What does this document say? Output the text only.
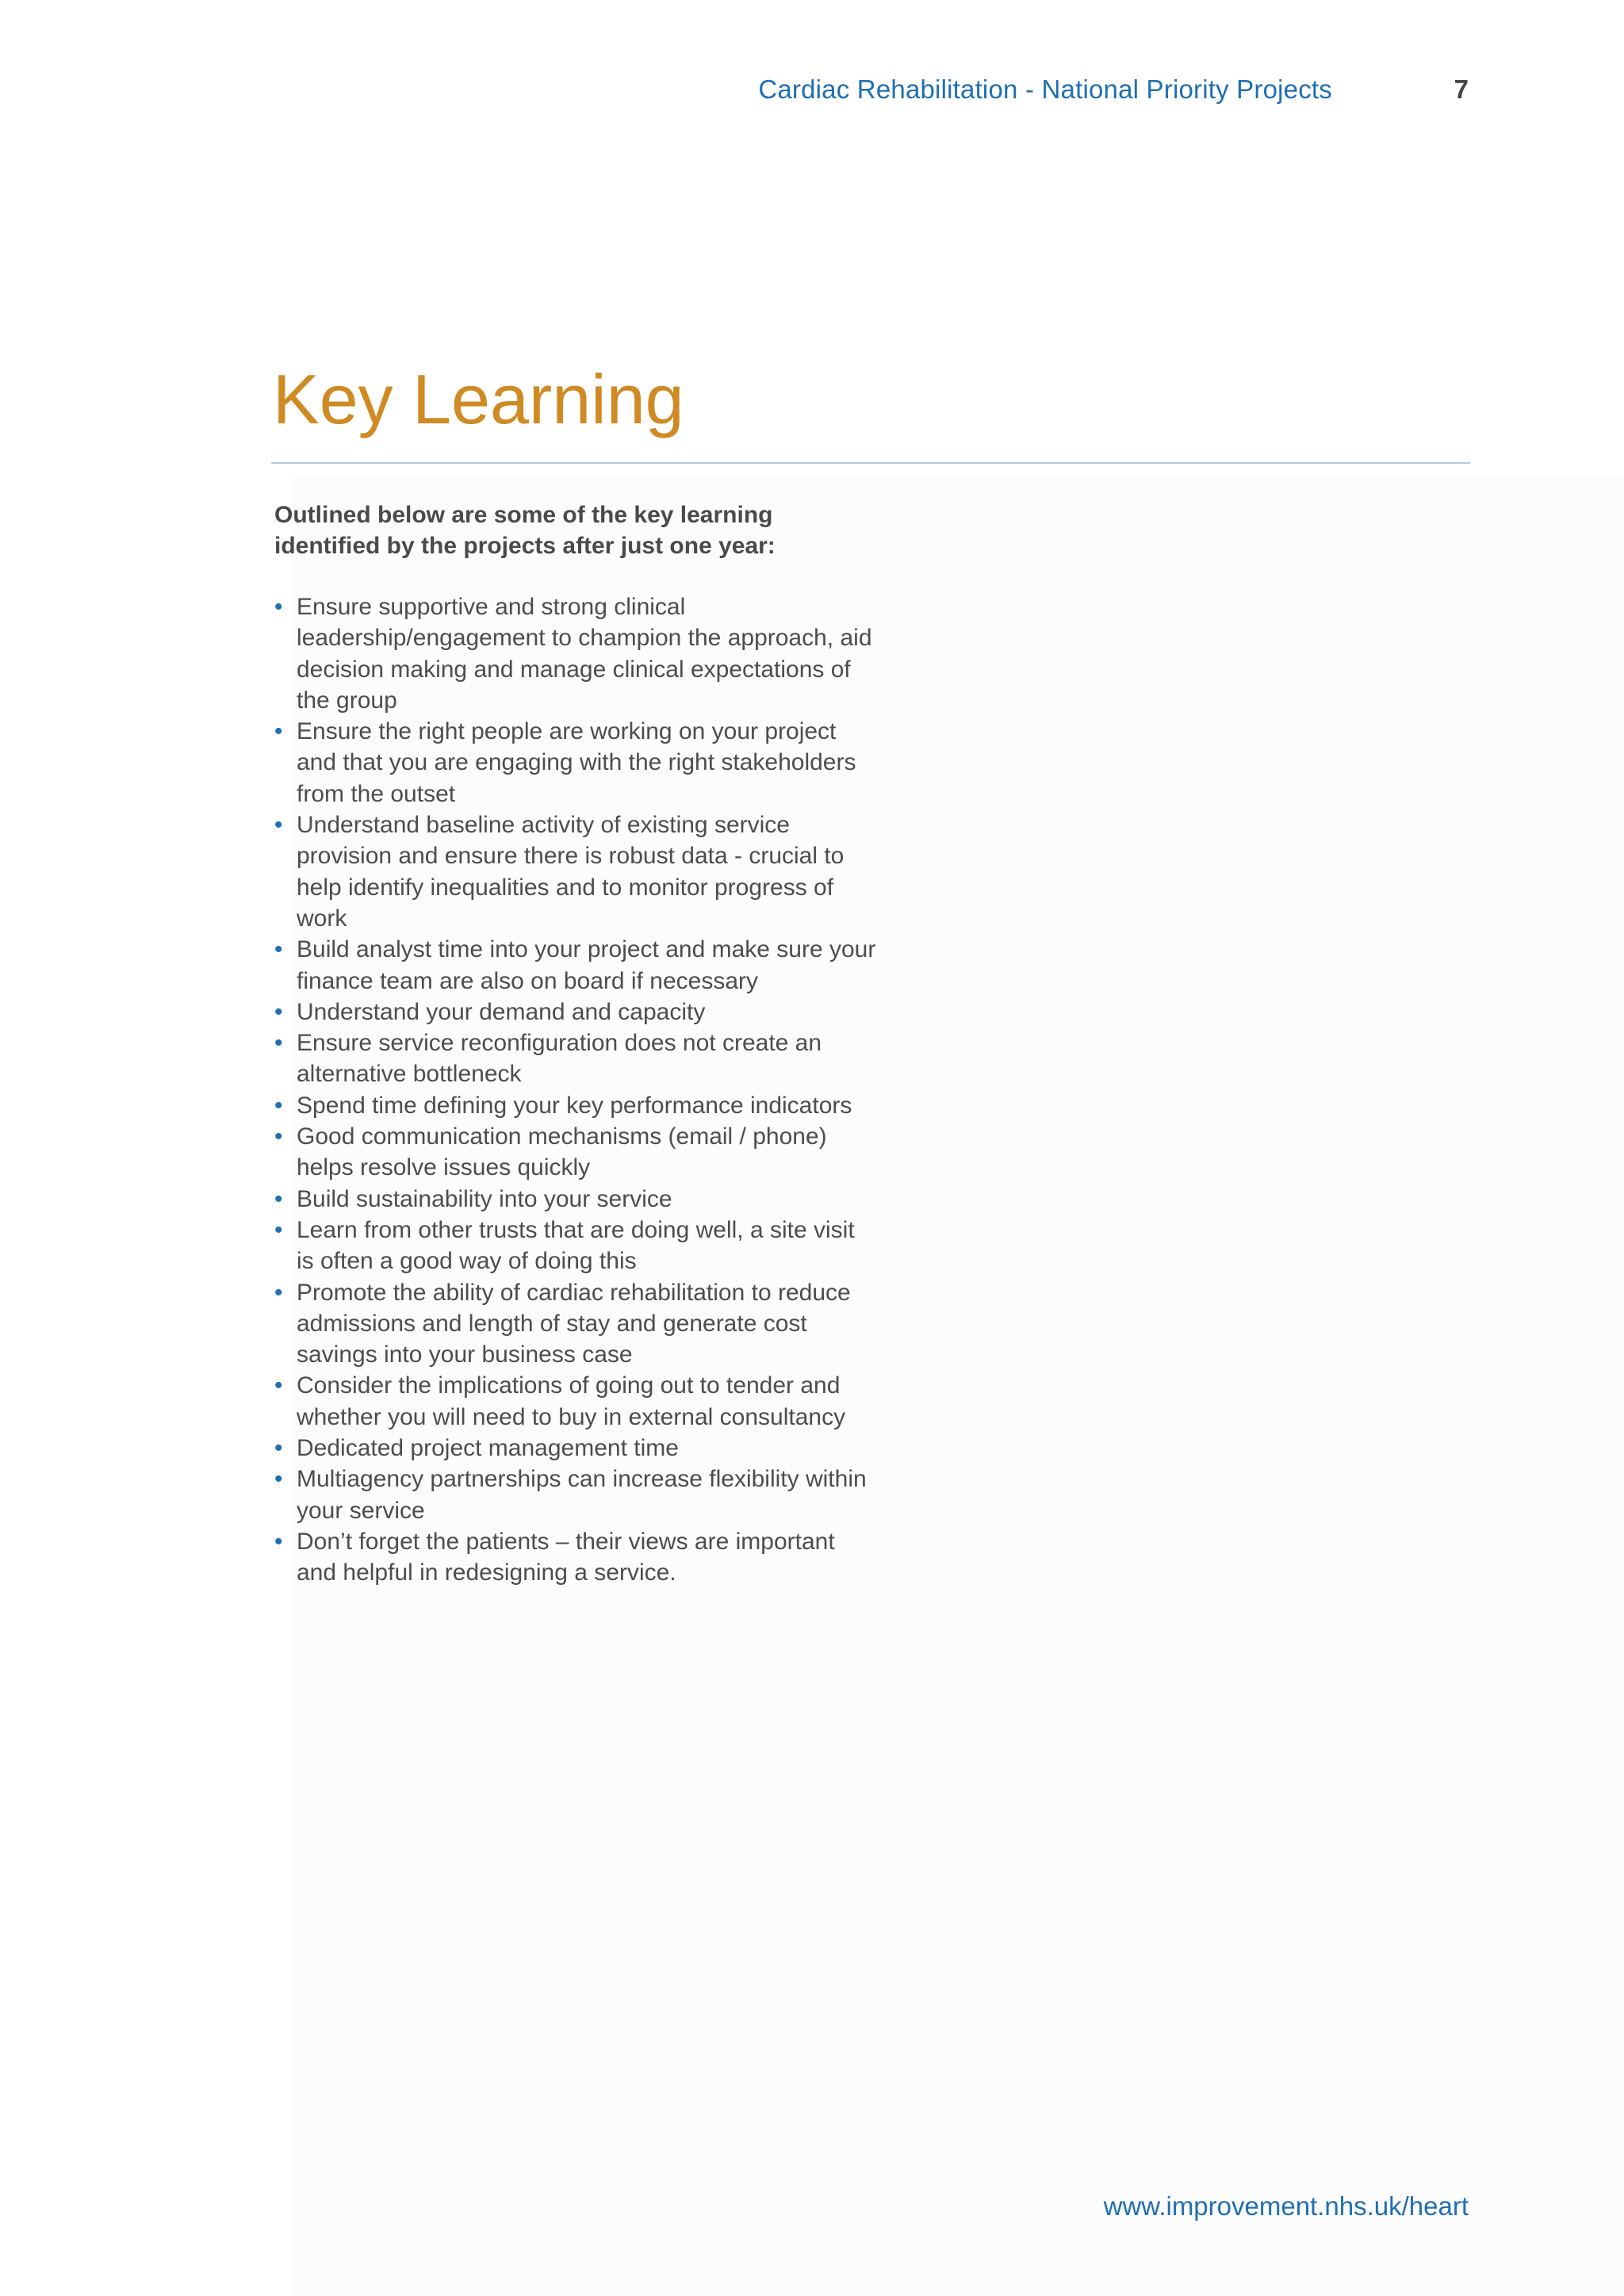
Cardiac Rehabilitation - National Priority Projects	7
Key Learning

Outlined below are some of the key learning identified by the projects after just one year:

• Ensure supportive and strong clinical leadership/engagement to champion the approach, aid decision making and manage clinical expectations of the group
• Ensure the right people are working on your project and that you are engaging with the right stakeholders from the outset
• Understand baseline activity of existing service provision and ensure there is robust data - crucial to help identify inequalities and to monitor progress of work
• Build analyst time into your project and make sure your finance team are also on board if necessary
• Understand your demand and capacity
• Ensure service reconfiguration does not create an alternative bottleneck
• Spend time defining your key performance indicators
• Good communication mechanisms (email / phone) helps resolve issues quickly
• Build sustainability into your service
• Learn from other trusts that are doing well, a site visit is often a good way of doing this
• Promote the ability of cardiac rehabilitation to reduce admissions and length of stay and generate cost savings into your business case
• Consider the implications of going out to tender and whether you will need to buy in external consultancy
• Dedicated project management time
• Multiagency partnerships can increase flexibility within your service
• Don’t forget the patients – their views are important and helpful in redesigning a service.
www.improvement.nhs.uk/heart
